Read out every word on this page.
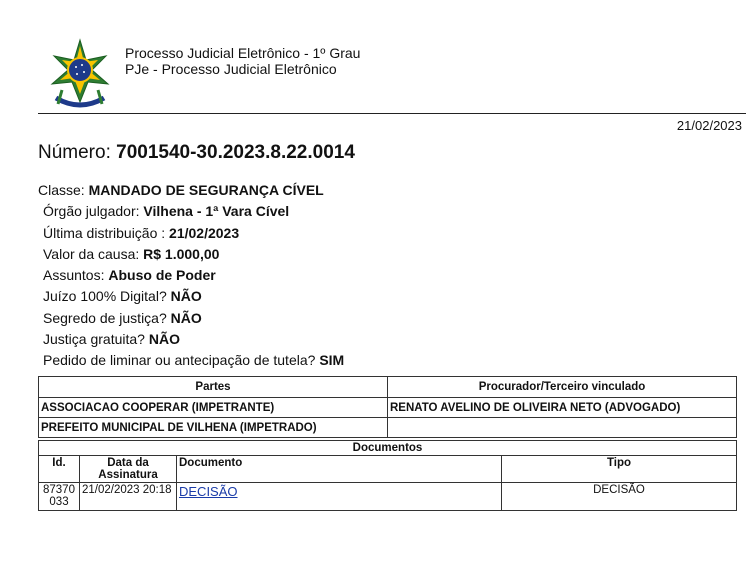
Processo Judicial Eletrônico - 1º Grau
PJe - Processo Judicial Eletrônico
21/02/2023
Número: 7001540-30.2023.8.22.0014
Classe: MANDADO DE SEGURANÇA CÍVEL
Órgão julgador: Vilhena - 1ª Vara Cível
Última distribuição : 21/02/2023
Valor da causa: R$ 1.000,00
Assuntos: Abuso de Poder
Juízo 100% Digital? NÃO
Segredo de justiça? NÃO
Justiça gratuita? NÃO
Pedido de liminar ou antecipação de tutela? SIM
Partes	Procurador/Terceiro vinculado
ASSOCIACAO COOPERAR (IMPETRANTE)	RENATO AVELINO DE OLIVEIRA NETO (ADVOGADO)
PREFEITO MUNICIPAL DE VILHENA (IMPETRADO)	
Documentos			
Id.	Data da Assinatura	Documento	Tipo
87370 033	21/02/2023 20:18	DECISÃO	DECISÃO
